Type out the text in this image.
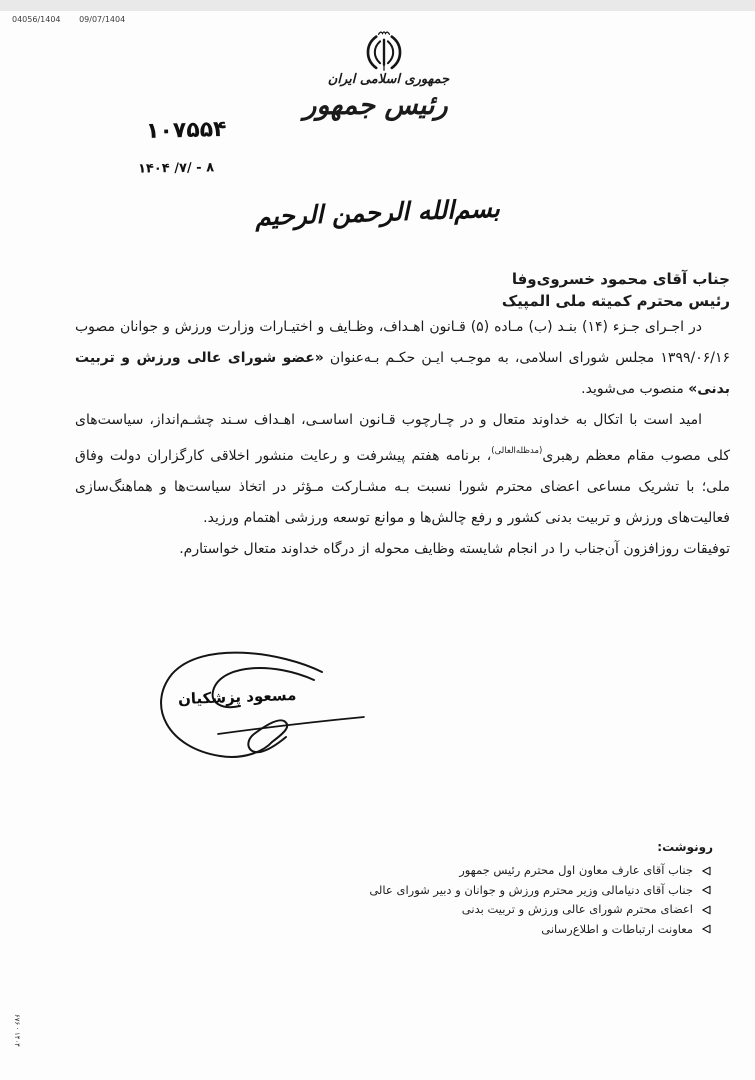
04056/1404 09/07/1404
جمهوری اسلامی ایران
رئیس جمهور
۱۰۷۵۵۴
۱۴۰۴ /۷/ - ۸
بسم‌الله الرحمن الرحیم
جناب آقای محمود خسروی‌وفا
رئیس محترم کمیته ملی المپیک

در اجـرای جـزء (۱۴) بنـد (ب) مـاده (۵) قـانون اهـداف، وظـایف و اختیـارات وزارت ورزش و جوانان مصوب ۱۳۹۹/۰۶/۱۶ مجلس شورای اسلامی، به موجـب ایـن حکـم بـه‌عنوان «عضو شورای عالی ورزش و تربیت بدنی» منصوب می‌شوید.

امید است با اتکال به خداوند متعال و در چـارچوب قـانون اساسـی، اهـداف سـند چشـم‌انداز، سیاست‌های کلی مصوب مقام معظم رهبری$^{(مدظله‌العالی)}$، برنامه هفتم پیشرفت و رعایت منشور اخلاقی کارگزاران دولت وفاق ملی؛ با تشریک مساعی اعضای محترم شورا نسبت بـه مشـارکت مـؤثر در اتخاذ سیاست‌ها و هماهنگ‌سازی فعالیت‌های ورزش و تربیت بدنی کشور و رفع چالش‌ها و موانع توسعه ورزشی اهتمام ورزید.

توفیقات روزافزون آن‌جناب را در انجام شایسته وظایف محوله از درگاه خداوند متعال خواستارم.

مسعود پزشکیان
رونوشت:
جناب آقای عارف معاون اول محترم رئیس جمهور
جناب آقای دنیامالی وزیر محترم ورزش و جوانان و دبیر شورای عالی
اعضای محترم شورای عالی ورزش و تربیت بدنی
معاونت ارتباطات و اطلاع‌رسانی
۶۷۶ · ۱۴۰۴
